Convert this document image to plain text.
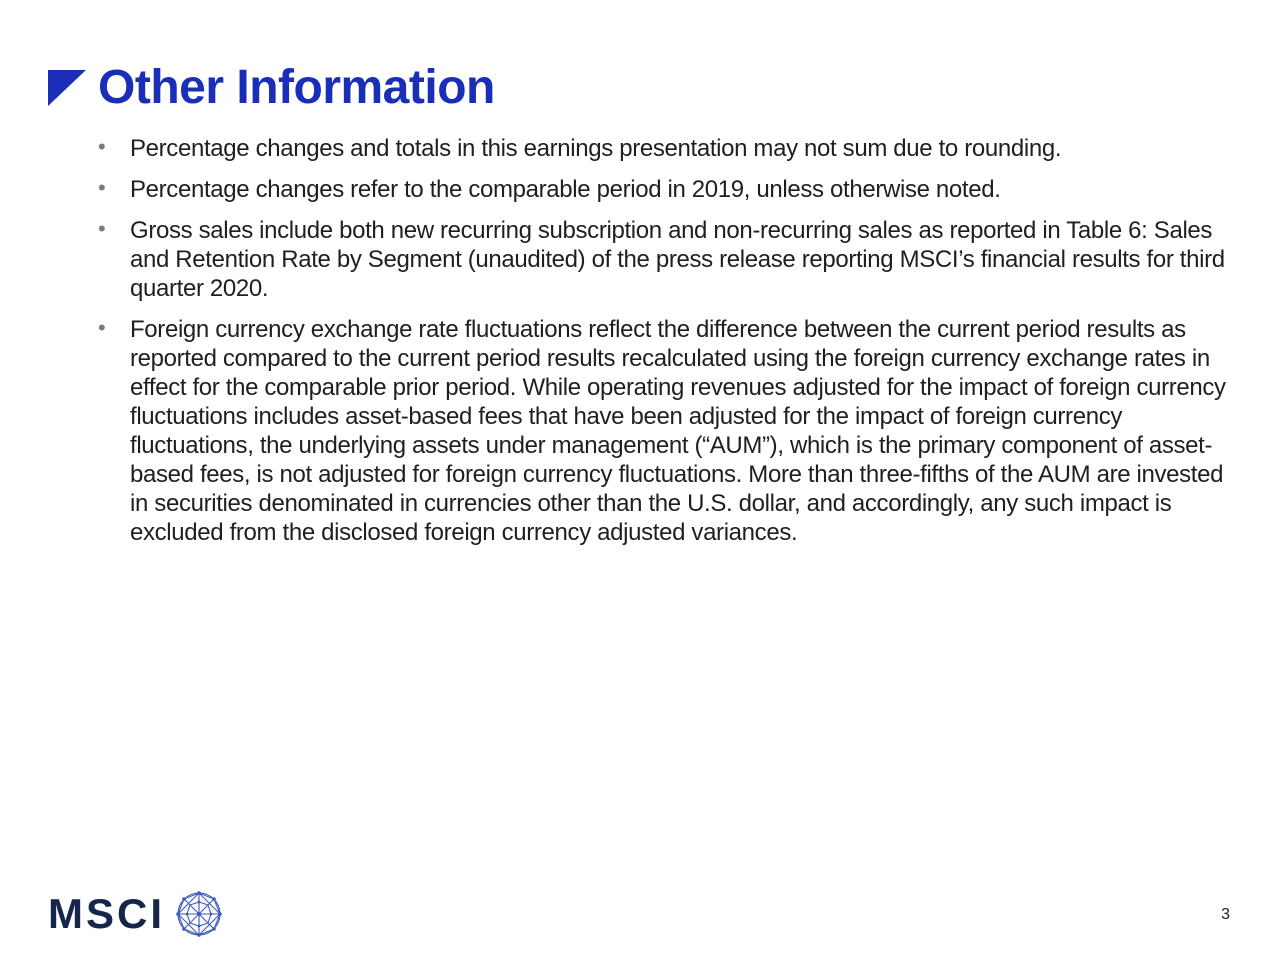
Other Information
• Percentage changes and totals in this earnings presentation may not sum due to rounding.
• Percentage changes refer to the comparable period in 2019, unless otherwise noted.
• Gross sales include both new recurring subscription and non-recurring sales as reported in Table 6: Sales and Retention Rate by Segment (unaudited) of the press release reporting MSCI’s financial results for third quarter 2020.
• Foreign currency exchange rate fluctuations reflect the difference between the current period results as reported compared to the current period results recalculated using the foreign currency exchange rates in effect for the comparable prior period. While operating revenues adjusted for the impact of foreign currency fluctuations includes asset-based fees that have been adjusted for the impact of foreign currency fluctuations, the underlying assets under management (“AUM”), which is the primary component of asset-based fees, is not adjusted for foreign currency fluctuations. More than three-fifths of the AUM are invested in securities denominated in currencies other than the U.S. dollar, and accordingly, any such impact is excluded from the disclosed foreign currency adjusted variances.
MSCI	3
